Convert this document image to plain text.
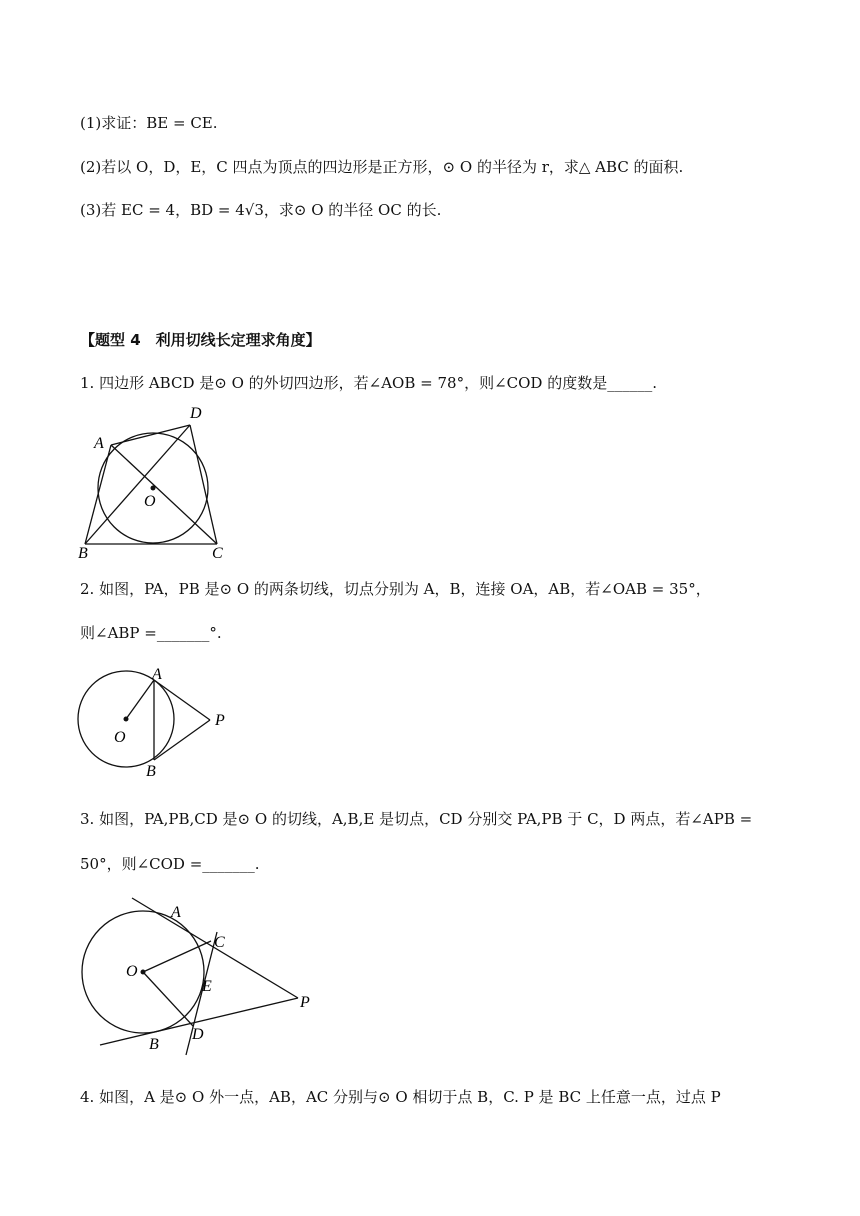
(1)求证：BE = CE.
(2)若以 O，D，E，C 四点为顶点的四边形是正方形，⊙ O 的半径为 r，求△ ABC 的面积.
(3)若 EC = 4，BD = 4√3，求⊙ O 的半径 OC 的长.
【题型 4　利用切线长定理求角度】
1. 四边形 ABCD 是⊙ O 的外切四边形，若∠AOB = 78°，则∠COD 的度数是______.
A
D
O
B	C
2. 如图，PA，PB 是⊙ O 的两条切线，切点分别为 A，B，连接 OA，AB，若∠OAB = 35°，
则∠ABP =_______°.
A
P
O
B
3. 如图，PA,PB,CD 是⊙ O 的切线，A,B,E 是切点，CD 分别交 PA,PB 于 C，D 两点，若∠APB =
50°，则∠COD =_______.
A
C
O
E
P
D
B
4. 如图，A 是⊙ O 外一点，AB，AC 分别与⊙ O 相切于点 B，C. P 是 BC 上任意一点，过点 P
